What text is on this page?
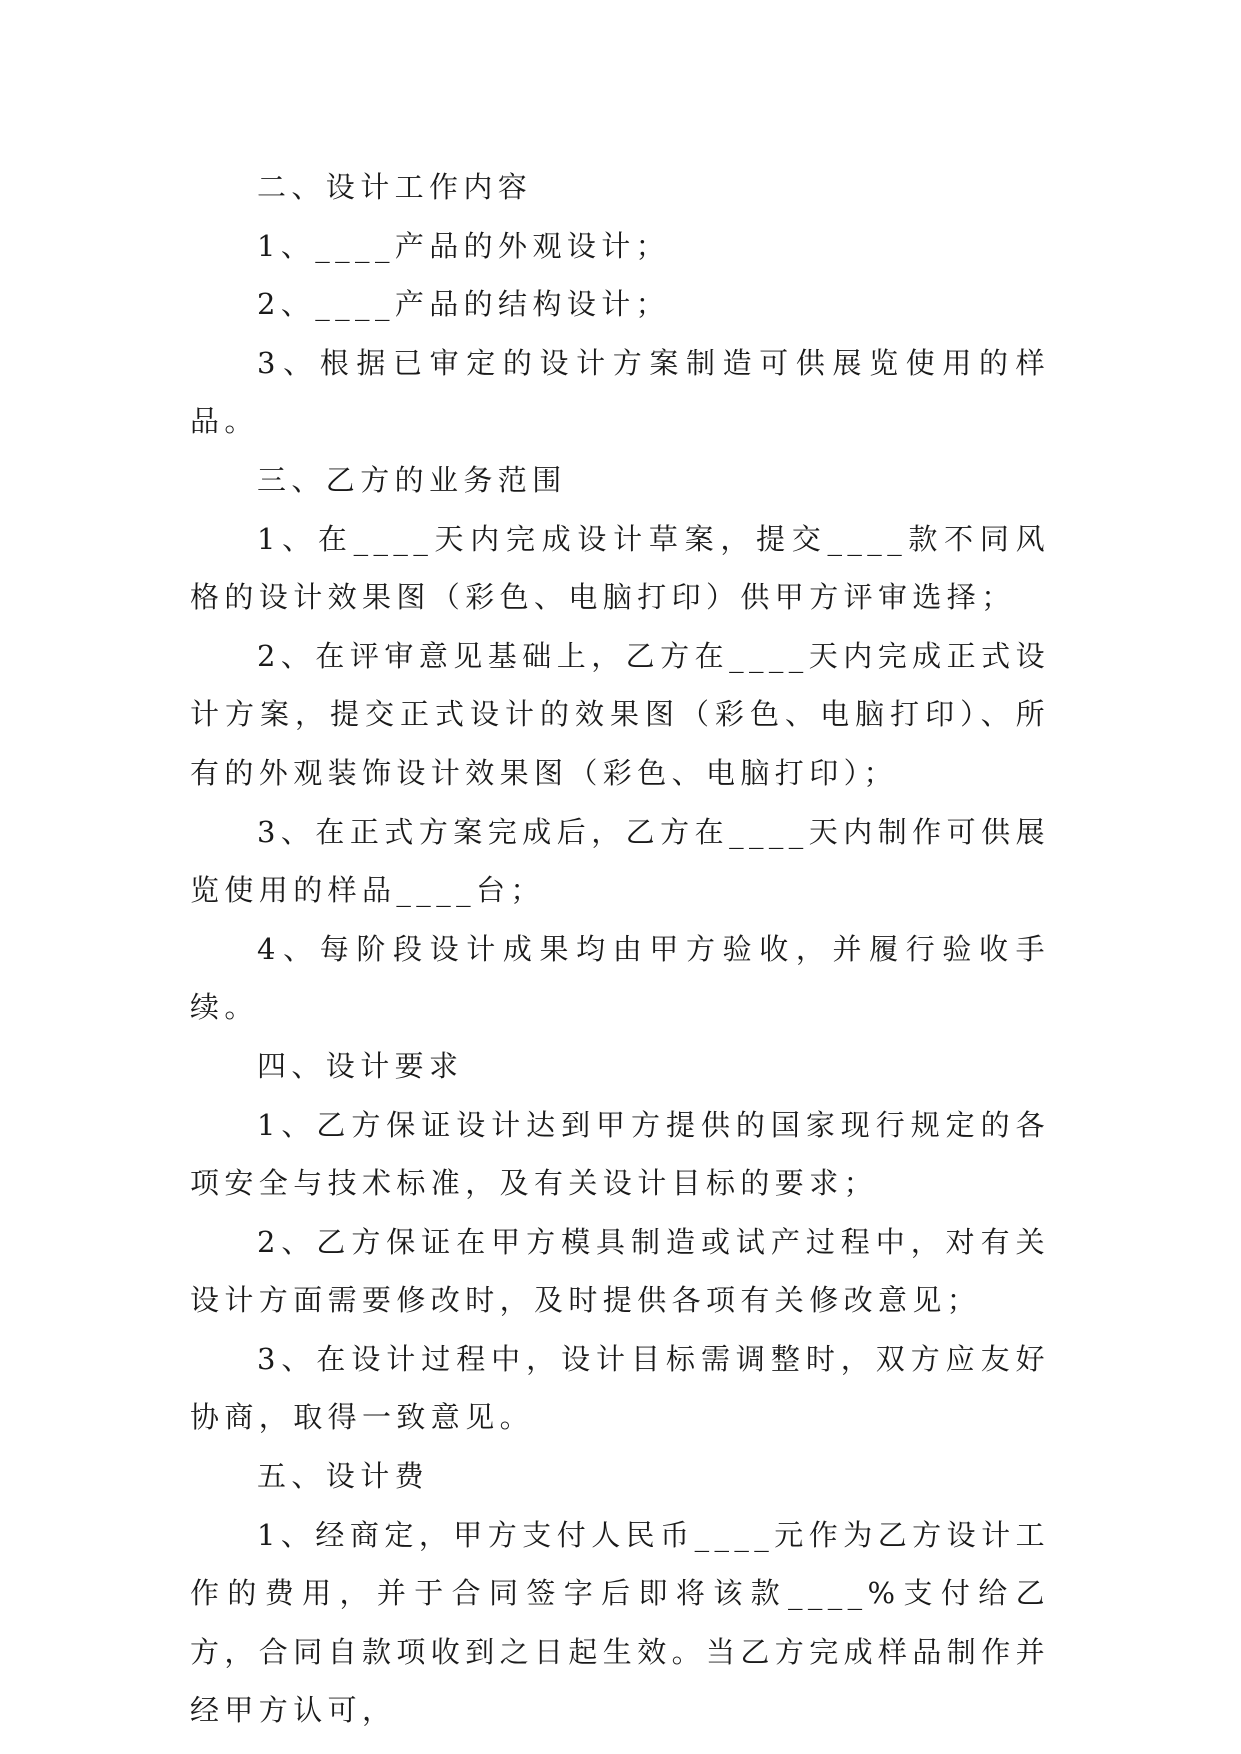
二、设计工作内容

1、____产品的外观设计；

2、____产品的结构设计；

3、根据已审定的设计方案制造可供展览使用的样品。

三、乙方的业务范围

1、在____天内完成设计草案，提交____款不同风格的设计效果图（彩色、电脑打印）供甲方评审选择；

2、在评审意见基础上，乙方在____天内完成正式设计方案，提交正式设计的效果图（彩色、电脑打印）、所有的外观装饰设计效果图（彩色、电脑打印）；

3、在正式方案完成后，乙方在____天内制作可供展览使用的样品____台；

4、每阶段设计成果均由甲方验收，并履行验收手续。

四、设计要求

1、乙方保证设计达到甲方提供的国家现行规定的各项安全与技术标准，及有关设计目标的要求；

2、乙方保证在甲方模具制造或试产过程中，对有关设计方面需要修改时，及时提供各项有关修改意见；

3、在设计过程中，设计目标需调整时，双方应友好协商，取得一致意见。

五、设计费

1、经商定，甲方支付人民币____元作为乙方设计工作的费用，并于合同签字后即将该款____%支付给乙方，合同自款项收到之日起生效。当乙方完成样品制作并经甲方认可，
